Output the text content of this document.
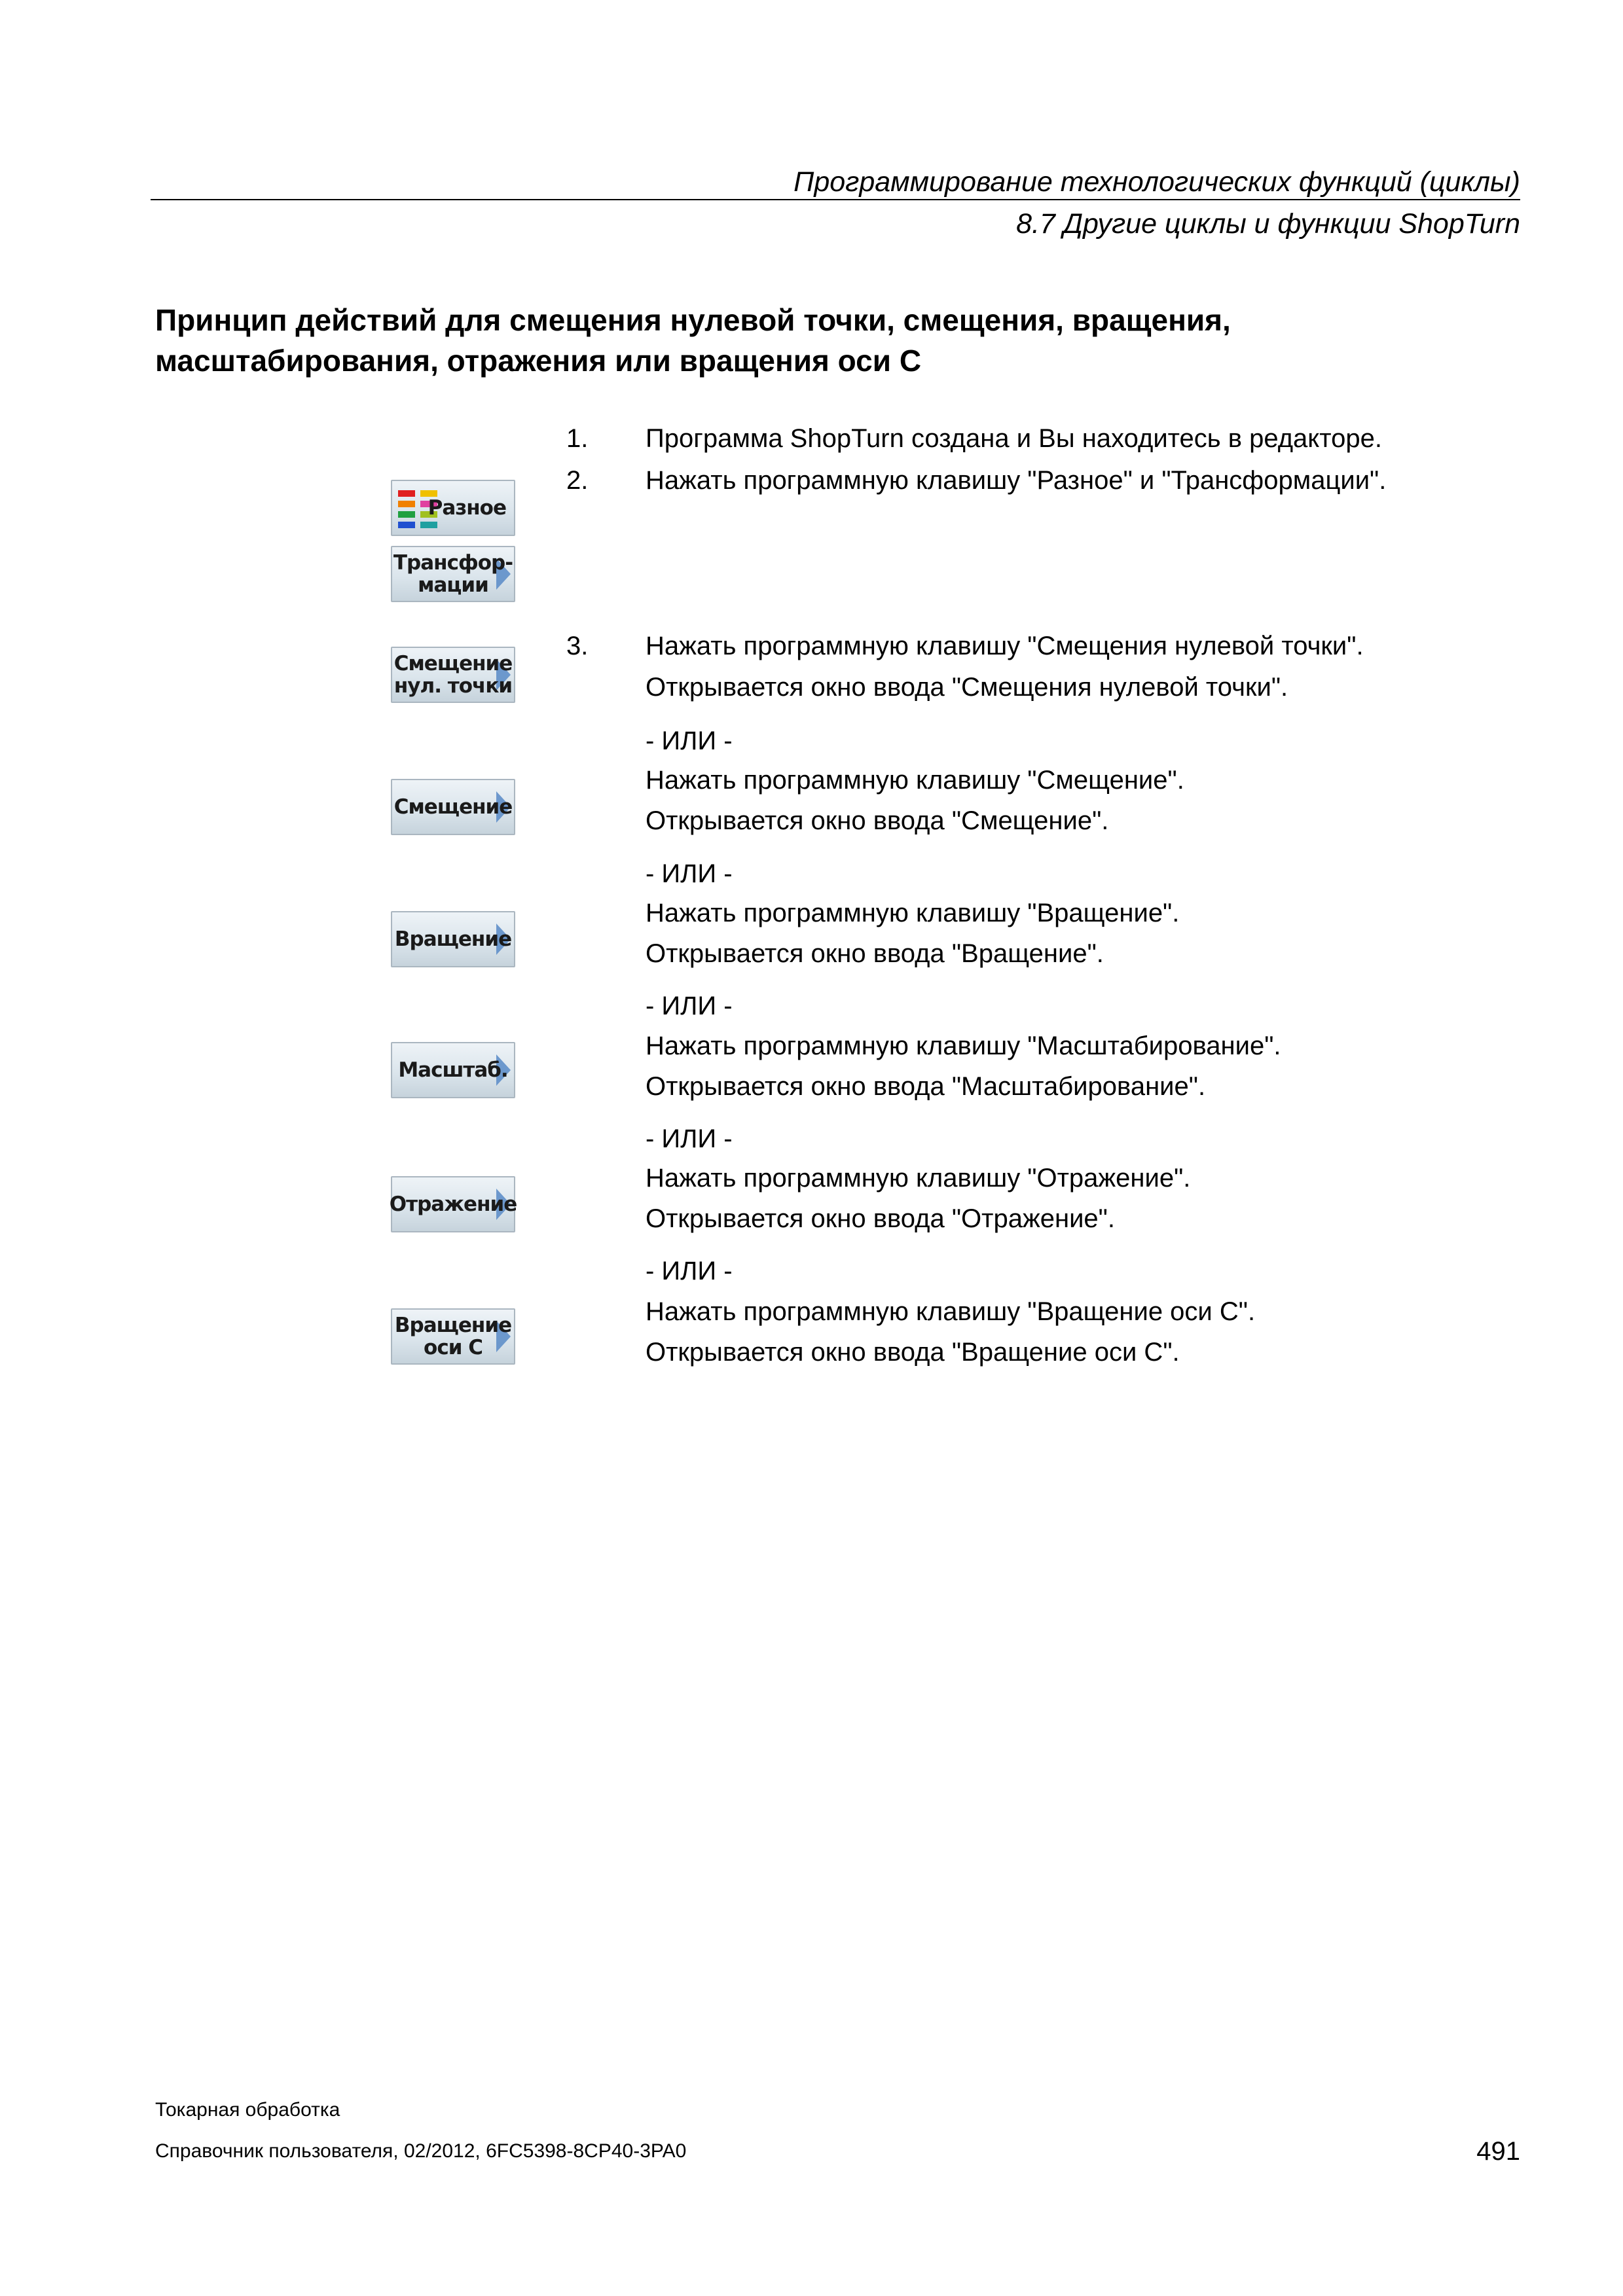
Программирование технологических функций (циклы)
8.7 Другие циклы и функции ShopTurn
Принцип действий для смещения нулевой точки, смещения, вращения, масштабирования, отражения или вращения оси С
1. Программа ShopTurn создана и Вы находитесь в редакторе.
2. Нажать программную клавишу "Разное" и "Трансформации".
3. Нажать программную клавишу "Смещения нулевой точки".
Открывается окно ввода "Смещения нулевой точки".
- ИЛИ -
Нажать программную клавишу "Смещение".
Открывается окно ввода "Смещение".
- ИЛИ -
Нажать программную клавишу "Вращение".
Открывается окно ввода "Вращение".
- ИЛИ -
Нажать программную клавишу "Масштабирование".
Открывается окно ввода "Масштабирование".
- ИЛИ -
Нажать программную клавишу "Отражение".
Открывается окно ввода "Отражение".
- ИЛИ -
Нажать программную клавишу "Вращение оси С".
Открывается окно ввода "Вращение оси С".
Разное
Трансфор-
мации
Смещение
нул. точки
Смещение
Вращение
Масштаб.
Отражение
Вращение
оси С
Токарная обработка
Справочник пользователя, 02/2012, 6FC5398-8CP40-3PA0	491
